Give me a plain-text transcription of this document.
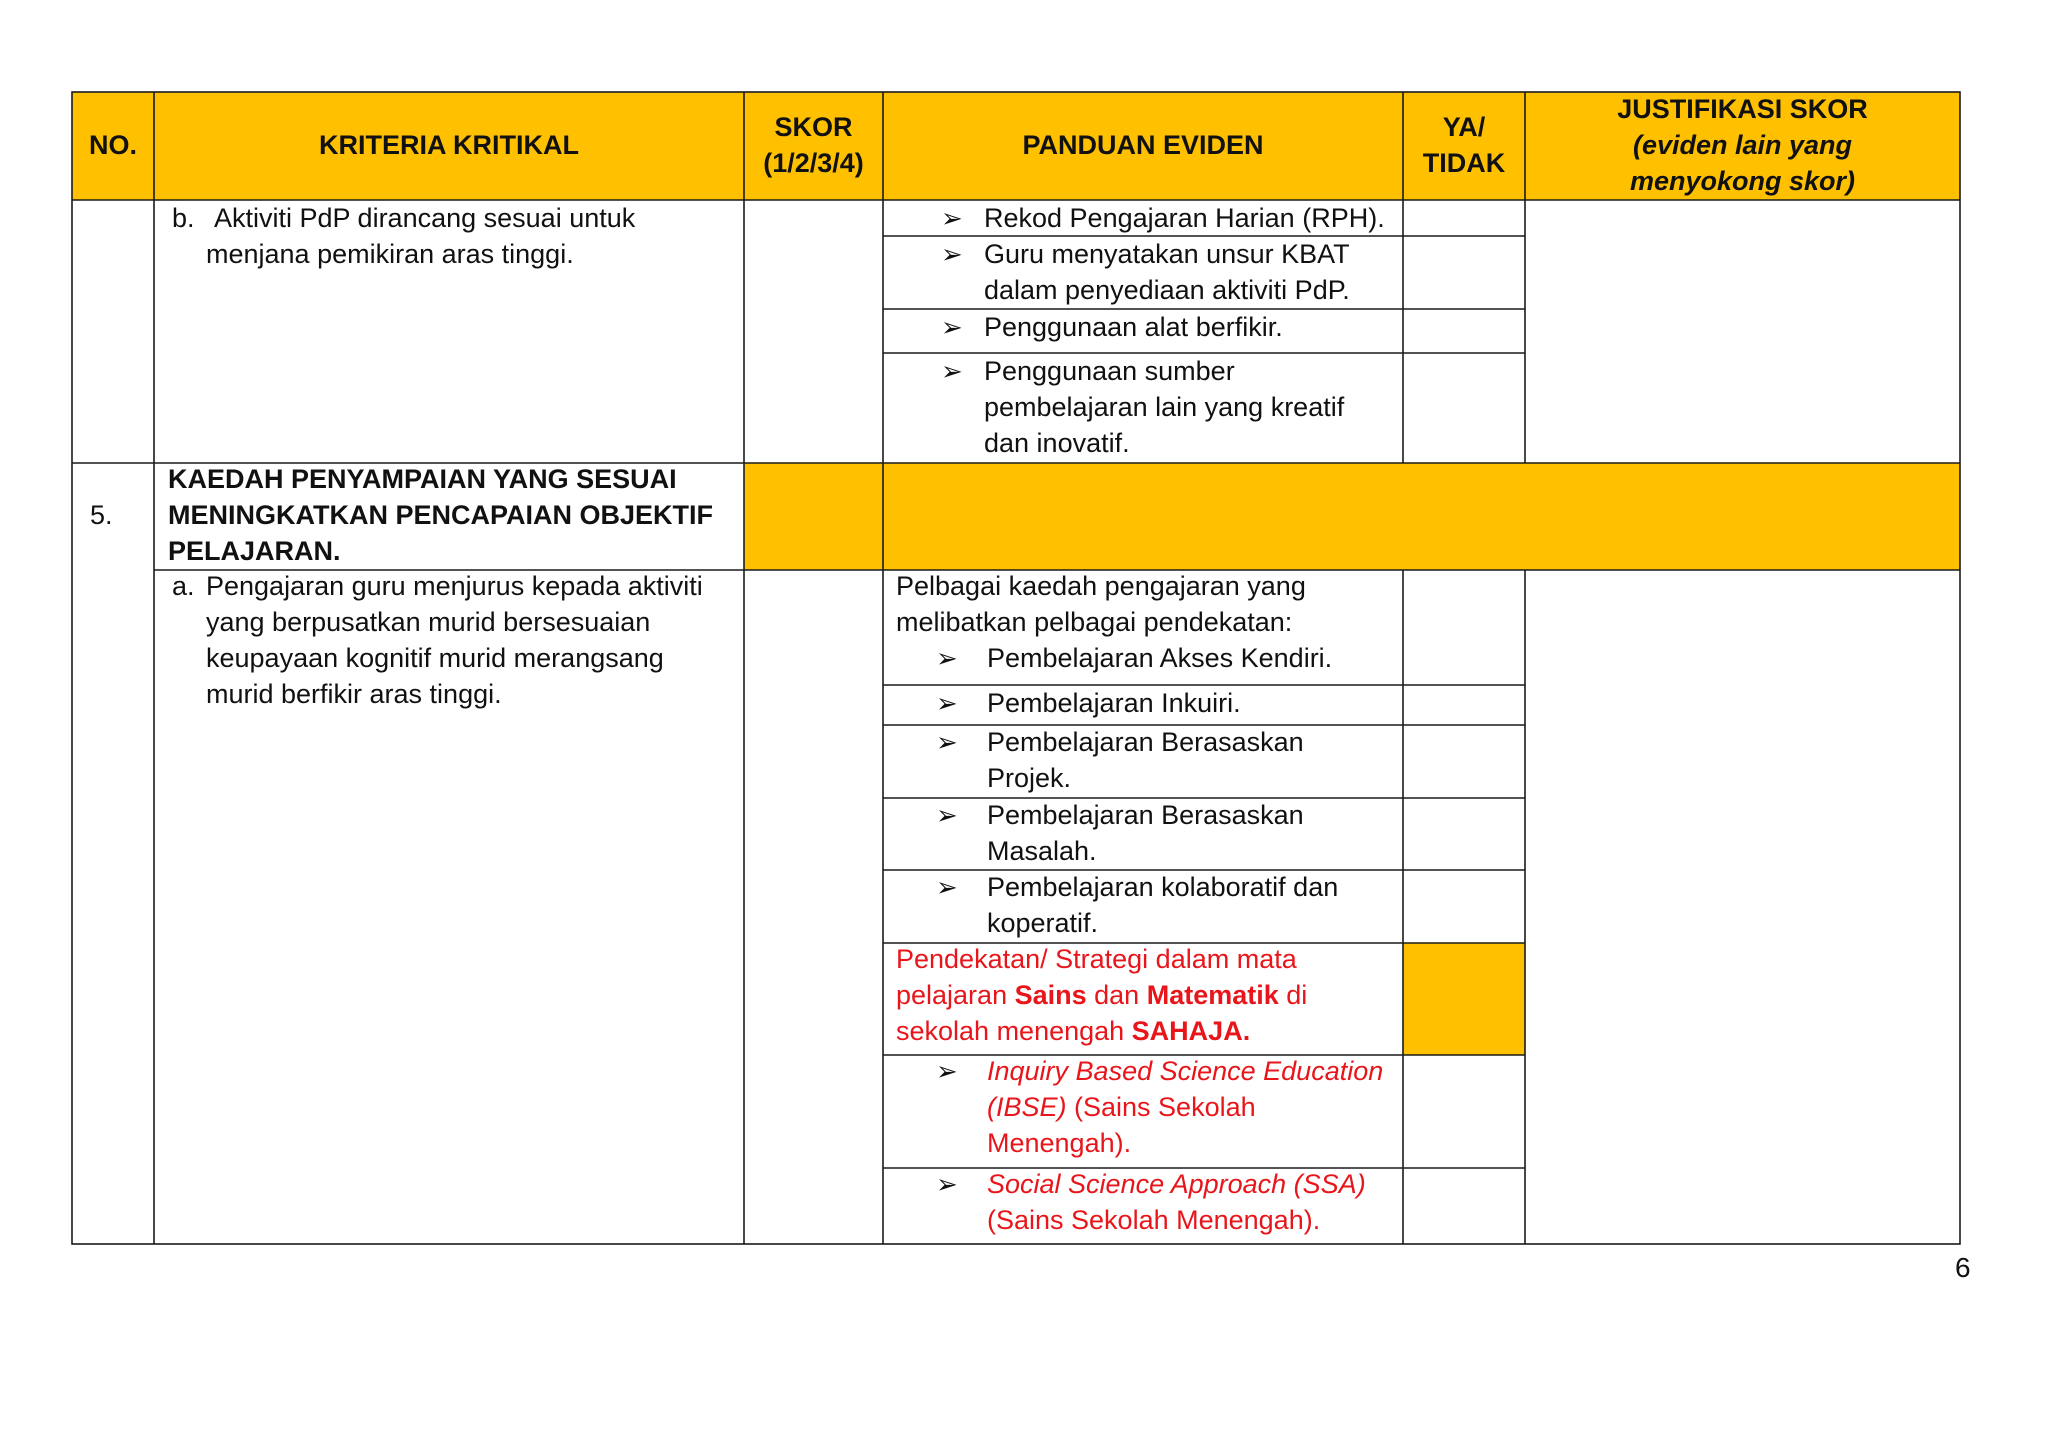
NO.	KRITERIA KRITIKAL
SKOR
(1/2/3/4)
PANDUAN EVIDEN
YA/
TIDAK
JUSTIFIKASI SKOR
(eviden lain yang
menyokong skor)
b. Aktiviti PdP dirancang sesuai untuk
menjana pemikiran aras tinggi.
➢ Rekod Pengajaran Harian (RPH).
➢ Guru menyatakan unsur KBAT
dalam penyediaan aktiviti PdP.
➢ Penggunaan alat berfikir.
➢ Penggunaan sumber
pembelajaran lain yang kreatif
dan inovatif.
5.
KAEDAH PENYAMPAIAN YANG SESUAI
MENINGKATKAN PENCAPAIAN OBJEKTIF
PELAJARAN.
a. Pengajaran guru menjurus kepada aktiviti
yang berpusatkan murid bersesuaian
keupayaan kognitif murid merangsang
murid berfikir aras tinggi.
Pelbagai kaedah pengajaran yang
melibatkan pelbagai pendekatan:
➢ Pembelajaran Akses Kendiri.
➢ Pembelajaran Inkuiri.
➢ Pembelajaran Berasaskan
Projek.
➢ Pembelajaran Berasaskan
Masalah.
➢ Pembelajaran kolaboratif dan
koperatif.
Pendekatan/ Strategi dalam mata
pelajaran Sains dan Matematik di
sekolah menengah SAHAJA.
➢ Inquiry Based Science Education
(IBSE) (Sains Sekolah
Menengah).
➢ Social Science Approach (SSA)
(Sains Sekolah Menengah).
6
